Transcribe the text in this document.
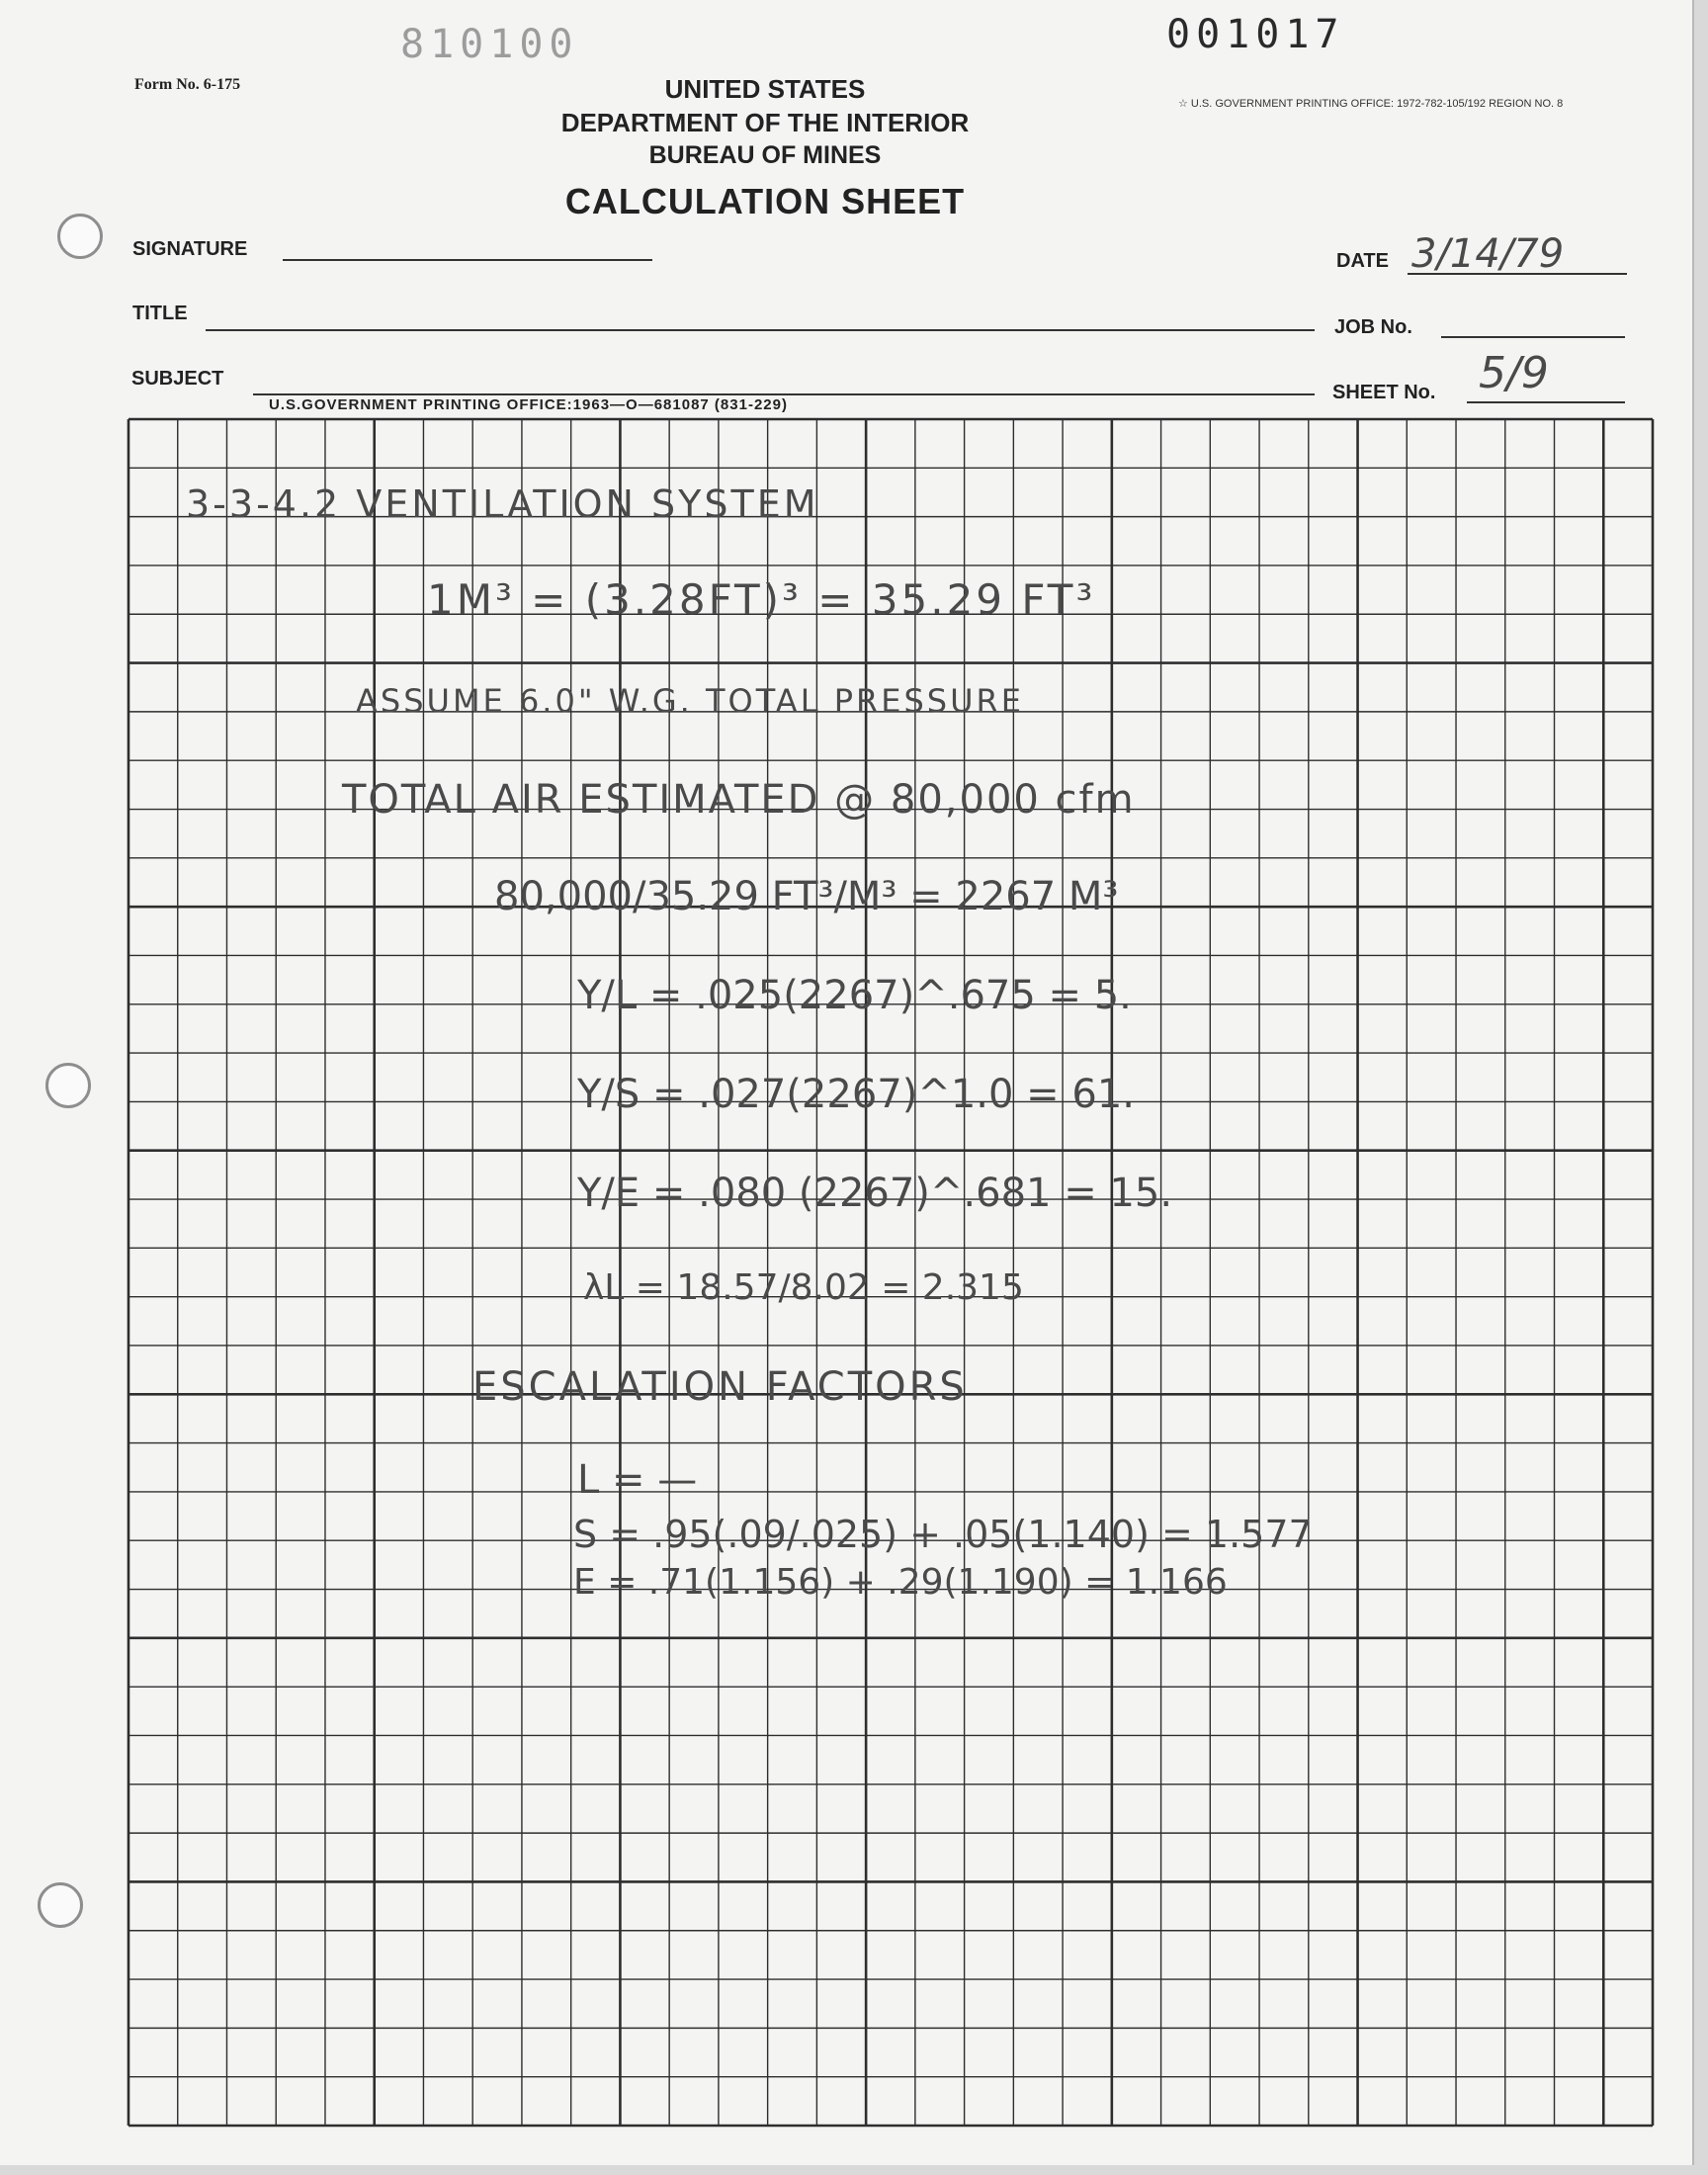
810100	001017
Form No. 6-175
☆ U.S. GOVERNMENT PRINTING OFFICE: 1972-782-105/192 REGION NO. 8
UNITED STATES
DEPARTMENT OF THE INTERIOR
BUREAU OF MINES
CALCULATION SHEET
SIGNATURE
TITLE
SUBJECT
U.S.GOVERNMENT PRINTING OFFICE:1963—O—681087 (831-229)
DATE 3/14/79
JOB No.
SHEET No. 5/9
3-3-4.2 VENTILATION SYSTEM
1M³ = (3.28FT)³ = 35.29 FT³
ASSUME 6.0" W.G. TOTAL PRESSURE
TOTAL AIR ESTIMATED @ 80,000 cfm
80,000/35.29 FT³/M³ = 2267 M³
Y/L = .025(2267)^.675 = 5.
Y/S = .027(2267)^1.0 = 61.
Y/E = .080 (2267)^.681 = 15.
λL = 18.57/8.02 = 2.315
ESCALATION FACTORS
L = —
S = .95(.09/.025) + .05(1.140) = 1.577
E = .71(1.156) + .29(1.190) = 1.166
